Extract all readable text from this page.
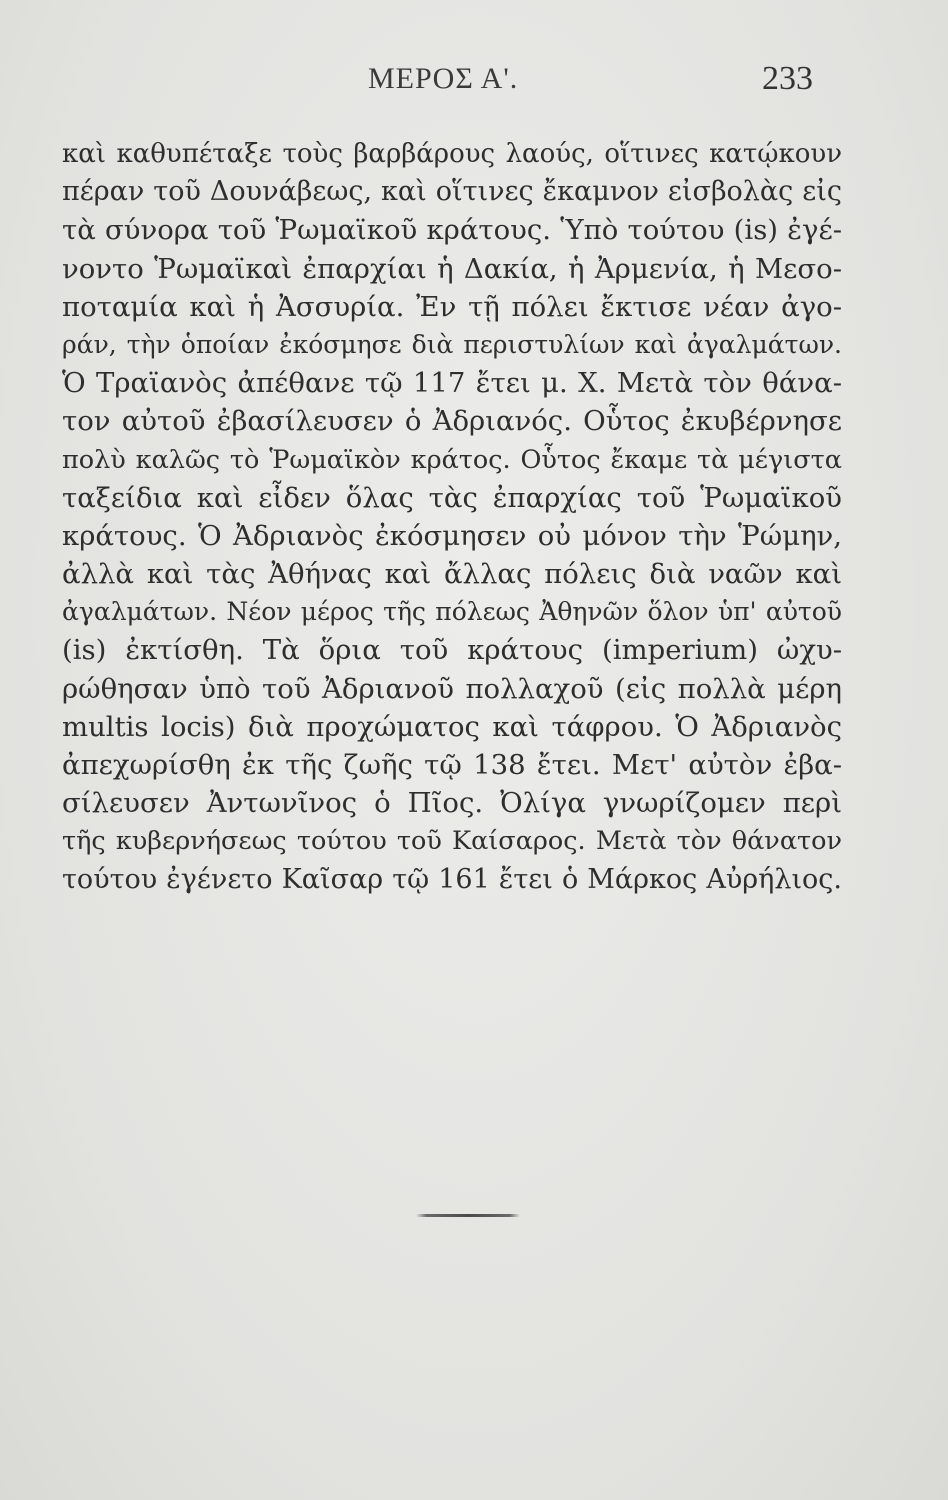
ΜΕΡΟΣ Α'.	233
καὶ καθυπέταξε τοὺς βαρβάρους λαούς, οἵτινες κατῴκουν
πέραν τοῦ Δουνάβεως, καὶ οἵτινες ἔκαμνον εἰσβολὰς εἰς
τὰ σύνορα τοῦ Ῥωμαϊκοῦ κράτους. Ὑπὸ τούτου (is) ἐγέ-
νοντο Ῥωμαϊκαὶ ἐπαρχίαι ἡ Δακία, ἡ Ἀρμενία, ἡ Μεσο-
ποταμία καὶ ἡ Ἀσσυρία. Ἐν τῇ πόλει ἔκτισε νέαν ἀγο-
ράν, τὴν ὁποίαν ἐκόσμησε διὰ περιστυλίων καὶ ἀγαλμάτων.
Ὁ Τραϊανὸς ἀπέθανε τῷ 117 ἔτει μ. Χ. Μετὰ τὸν θάνα-
τον αὐτοῦ ἐβασίλευσεν ὁ Ἀδριανός. Οὗτος ἐκυβέρνησε
πολὺ καλῶς τὸ Ῥωμαϊκὸν κράτος. Οὗτος ἔκαμε τὰ μέγιστα
ταξείδια καὶ εἶδεν ὅλας τὰς ἐπαρχίας τοῦ Ῥωμαϊκοῦ
κράτους. Ὁ Ἀδριανὸς ἐκόσμησεν οὐ μόνον τὴν Ῥώμην,
ἀλλὰ καὶ τὰς Ἀθήνας καὶ ἄλλας πόλεις διὰ ναῶν καὶ
ἀγαλμάτων. Νέον μέρος τῆς πόλεως Ἀθηνῶν ὅλον ὑπ' αὐτοῦ
(is) ἐκτίσθη. Τὰ ὅρια τοῦ κράτους (imperium) ὠχυ-
ρώθησαν ὑπὸ τοῦ Ἀδριανοῦ πολλαχοῦ (εἰς πολλὰ μέρη
multis locis) διὰ προχώματος καὶ τάφρου. Ὁ Ἀδριανὸς
ἀπεχωρίσθη ἐκ τῆς ζωῆς τῷ 138 ἔτει. Μετ' αὐτὸν ἐβα-
σίλευσεν Ἀντωνῖνος ὁ Πῖος. Ὀλίγα γνωρίζομεν περὶ
τῆς κυβερνήσεως τούτου τοῦ Καίσαρος. Μετὰ τὸν θάνατον
τούτου ἐγένετο Καῖσαρ τῷ 161 ἔτει ὁ Μάρκος Αὐρήλιος.
